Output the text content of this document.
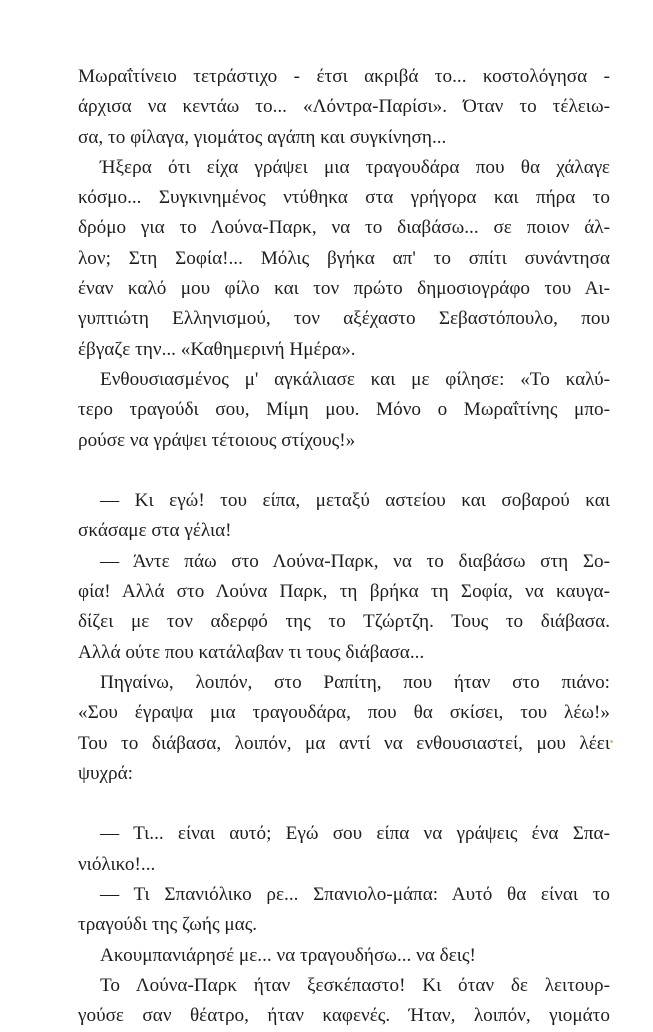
Μωραΐτίνειο τετράστιχο - έτσι ακριβά το... κοστολόγησα -
άρχισα να κεντάω το... «Λόντρα-Παρίσι». Όταν το τέλειω-
σα, το φίλαγα, γιομάτος αγάπη και συγκίνηση...

Ήξερα ότι είχα γράψει μια τραγουδάρα που θα χάλαγε
κόσμο... Συγκινημένος ντύθηκα στα γρήγορα και πήρα το
δρόμο για το Λούνα-Παρκ, να το διαβάσω... σε ποιον άλ-
λον; Στη Σοφία!... Μόλις βγήκα απ' το σπίτι συνάντησα
έναν καλό μου φίλο και τον πρώτο δημοσιογράφο του Αι-
γυπτιώτη Ελληνισμού, τον αξέχαστο Σεβαστόπουλο, που
έβγαζε την... «Καθημερινή Ημέρα».

Ενθουσιασμένος μ' αγκάλιασε και με φίλησε: «Το καλύ-
τερο τραγούδι σου, Μίμη μου. Μόνο ο Μωραΐτίνης μπο-
ρούσε να γράψει τέτοιους στίχους!»

— Κι εγώ! του είπα, μεταξύ αστείου και σοβαρού και
σκάσαμε στα γέλια!

— Άντε πάω στο Λούνα-Παρκ, να το διαβάσω στη Σο-
φία! Αλλά στο Λούνα Παρκ, τη βρήκα τη Σοφία, να καυγα-
δίζει με τον αδερφό της το Τζώρτζη. Τους το διάβασα.
Αλλά ούτε που κατάλαβαν τι τους διάβασα...

Πηγαίνω, λοιπόν, στο Ραπίτη, που ήταν στο πιάνο:
«Σου έγραψα μια τραγουδάρα, που θα σκίσει, του λέω!»
Του το διάβασα, λοιπόν, μα αντί να ενθουσιαστεί, μου λέει
ψυχρά:

— Τι... είναι αυτό; Εγώ σου είπα να γράψεις ένα Σπα-
νιόλικο!...

— Τι Σπανιόλικο ρε... Σπανιολο-μάπα: Αυτό θα είναι το
τραγούδι της ζωής μας.

Ακουμπανιάρησέ με... να τραγουδήσω... να δεις!

Το Λούνα-Παρκ ήταν ξεσκέπαστο! Κι όταν δε λειτουρ-
γούσε σαν θέατρο, ήταν καφενές. Ήταν, λοιπόν, γιομάτο
